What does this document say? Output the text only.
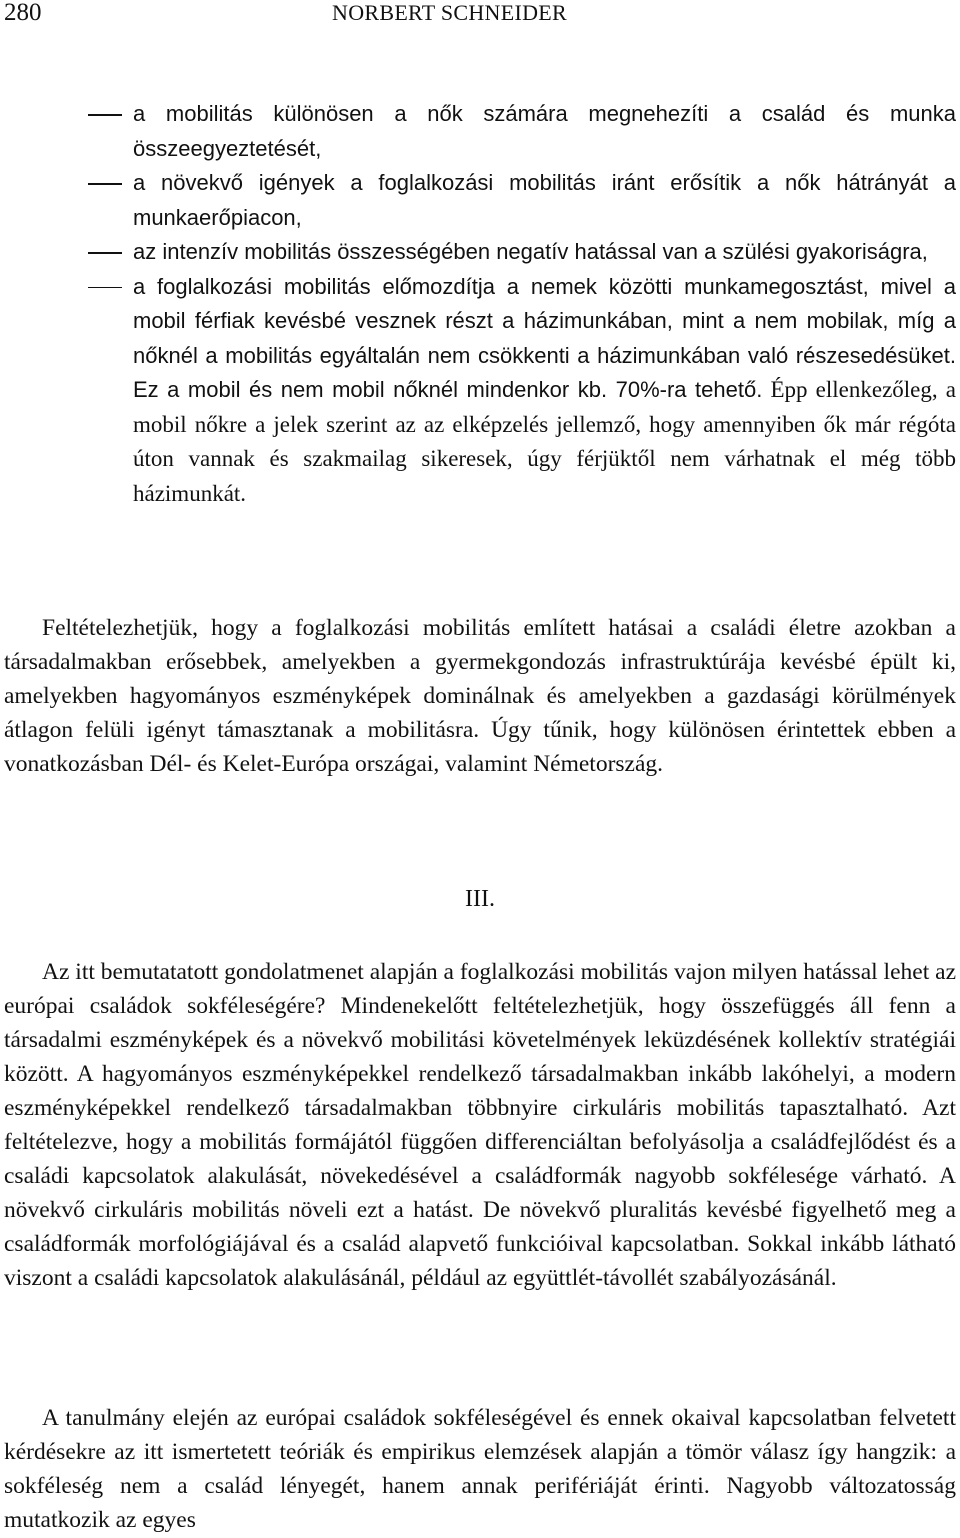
280	NORBERT SCHNEIDER
a mobilitás különösen a nők számára megnehezíti a család és munka összeegyeztetését,
a növekvő igények a foglalkozási mobilitás iránt erősítik a nők hátrányát a munkaerőpiacon,
az intenzív mobilitás összességében negatív hatással van a szülési gyakoriságra,
a foglalkozási mobilitás előmozdítja a nemek közötti munkamegosztást, mivel a mobil férfiak kevésbé vesznek részt a házimunkában, mint a nem mobilak, míg a nőknél a mobilitás egyáltalán nem csökkenti a házimunkában való részesedésüket. Ez a mobil és nem mobil nőknél mindenkor kb. 70%-ra tehető. Épp ellenkezőleg, a mobil nőkre a jelek szerint az az elképzelés jellemző, hogy amennyiben ők már régóta úton vannak és szakmailag sikeresek, úgy férjüktől nem várhatnak el még több házimunkát.

Feltételezhetjük, hogy a foglalkozási mobilitás említett hatásai a családi életre azokban a társadalmakban erősebbek, amelyekben a gyermekgondozás infrastruktúrája kevésbé épült ki, amelyekben hagyományos eszményképek dominálnak és amelyekben a gazdasági körülmények átlagon felüli igényt támasztanak a mobilitásra. Úgy tűnik, hogy különösen érintettek ebben a vonatkozásban Dél- és Kelet-Európa országai, valamint Németország.

III.

Az itt bemutatatott gondolatmenet alapján a foglalkozási mobilitás vajon milyen hatással lehet az európai családok sokféleségére? Mindenekelőtt feltételezhetjük, hogy összefüggés áll fenn a társadalmi eszményképek és a növekvő mobilitási követelmények leküzdésének kollektív stratégiái között. A hagyományos eszményképekkel rendelkező társadalmakban inkább lakóhelyi, a modern eszményképekkel rendelkező társadalmakban többnyire cirkuláris mobilitás tapasztalható. Azt feltételezve, hogy a mobilitás formájától függően differenciáltan befolyásolja a családfejlődést és a családi kapcsolatok alakulását, növekedésével a családformák nagyobb sokfélesége várható. A növekvő cirkuláris mobilitás növeli ezt a hatást. De növekvő pluralitás kevésbé figyelhető meg a családformák morfológiájával és a család alapvető funkcióival kapcsolatban. Sokkal inkább látható viszont a családi kapcsolatok alakulásánál, például az együttlét-távollét szabályozásánál.

A tanulmány elején az európai családok sokféleségével és ennek okaival kapcsolatban felvetett kérdésekre az itt ismertetett teóriák és empirikus elemzések alapján a tömör válasz így hangzik: a sokféleség nem a család lényegét, hanem annak perifériáját érinti. Nagyobb változatosság mutatkozik az egyes
